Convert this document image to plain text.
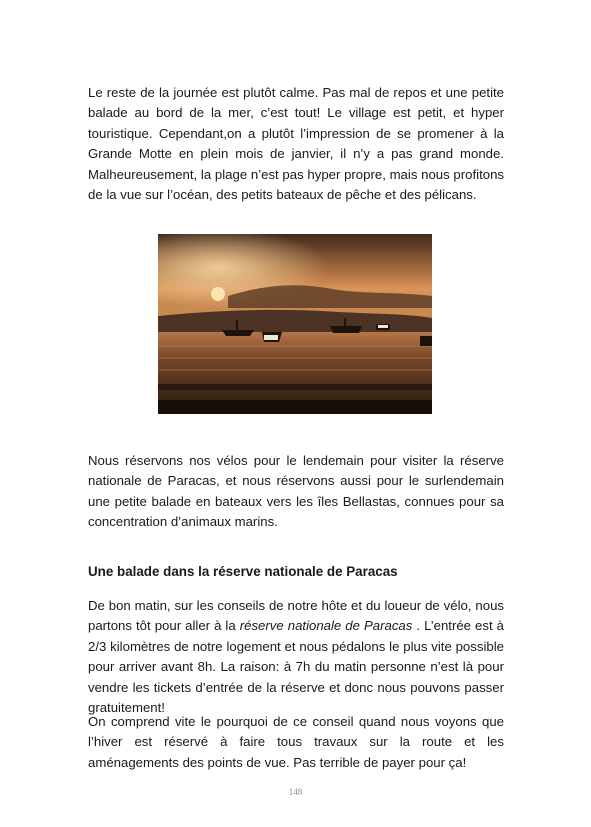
Le reste de la journée est plutôt calme. Pas mal de repos et une petite balade au bord de la mer, c’est tout! Le village est petit, et hyper touristique. Cependant,on a plutôt l’impression de se promener à la Grande Motte en plein mois de janvier, il n’y a pas grand monde. Malheureusement, la plage n’est pas hyper propre, mais nous profitons de la vue sur l’océan, des petits bateaux de pêche et des pélicans.

Nous réservons nos vélos pour le lendemain pour visiter la réserve nationale de Paracas, et nous réservons aussi pour le surlendemain une petite balade en bateaux vers les îles Bellastas, connues pour sa concentration d’animaux marins.

Une balade dans la réserve nationale de Paracas

De bon matin, sur les conseils de notre hôte et du loueur de vélo, nous partons tôt pour aller à la réserve nationale de Paracas . L’entrée est à 2/3 kilomètres de notre logement et nous pédalons le plus vite possible pour arriver avant 8h. La raison: à 7h du matin personne n’est là pour vendre les tickets d’entrée de la réserve et donc nous pouvons passer gratuitement!

On comprend vite le pourquoi de ce conseil quand nous voyons que l’hiver est réservé à faire tous travaux sur la route et les aménagements des points de vue. Pas terrible de payer pour ça!

148
